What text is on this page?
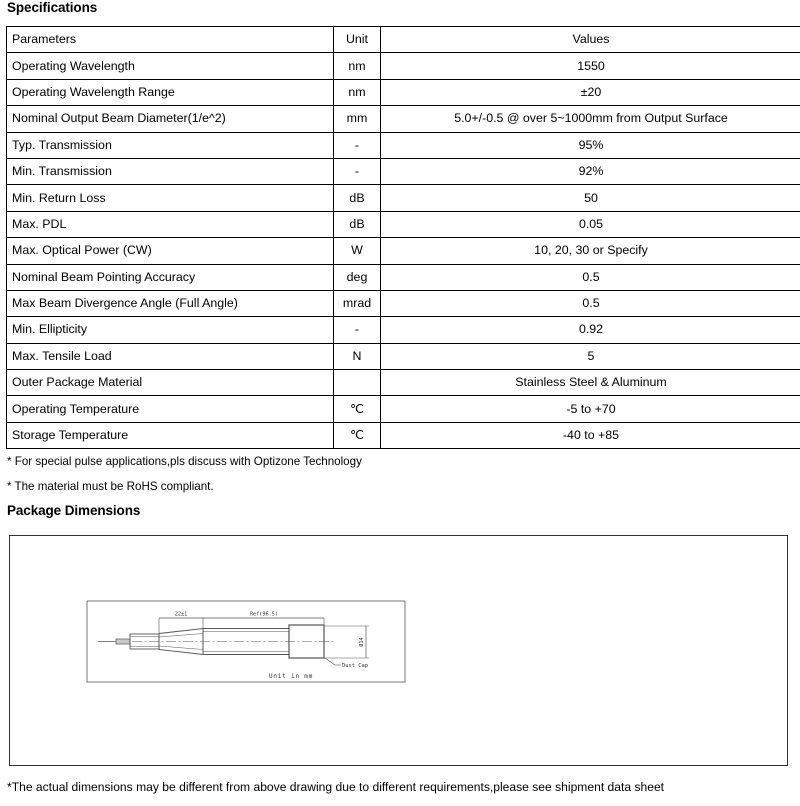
Specifications
Parameters	Unit	Values
Operating Wavelength	nm	1550
Operating Wavelength Range	nm	±20
Nominal Output Beam Diameter(1/e^2)	mm	5.0+/-0.5 @ over 5~1000mm from Output Surface
Typ. Transmission	-	95%
Min. Transmission	-	92%
Min. Return Loss	dB	50
Max. PDL	dB	0.05
Max. Optical Power (CW)	W	10, 20, 30 or Specify
Nominal Beam Pointing Accuracy	deg	0.5
Max Beam Divergence Angle (Full Angle)	mrad	0.5
Min. Ellipticity	-	0.92
Max. Tensile Load	N	5
Outer Package Material		Stainless Steel & Aluminum
Operating Temperature	℃	-5 to +70
Storage Temperature	℃	-40 to +85
* For special pulse applications,pls discuss with Optizone Technology
* The material must be RoHS compliant.
Package Dimensions
22±1	Ref(96.5)
Ø14
Dust Cap
Unit in mm
*The actual dimensions may be different from above drawing due to different requirements,please see shipment data sheet
